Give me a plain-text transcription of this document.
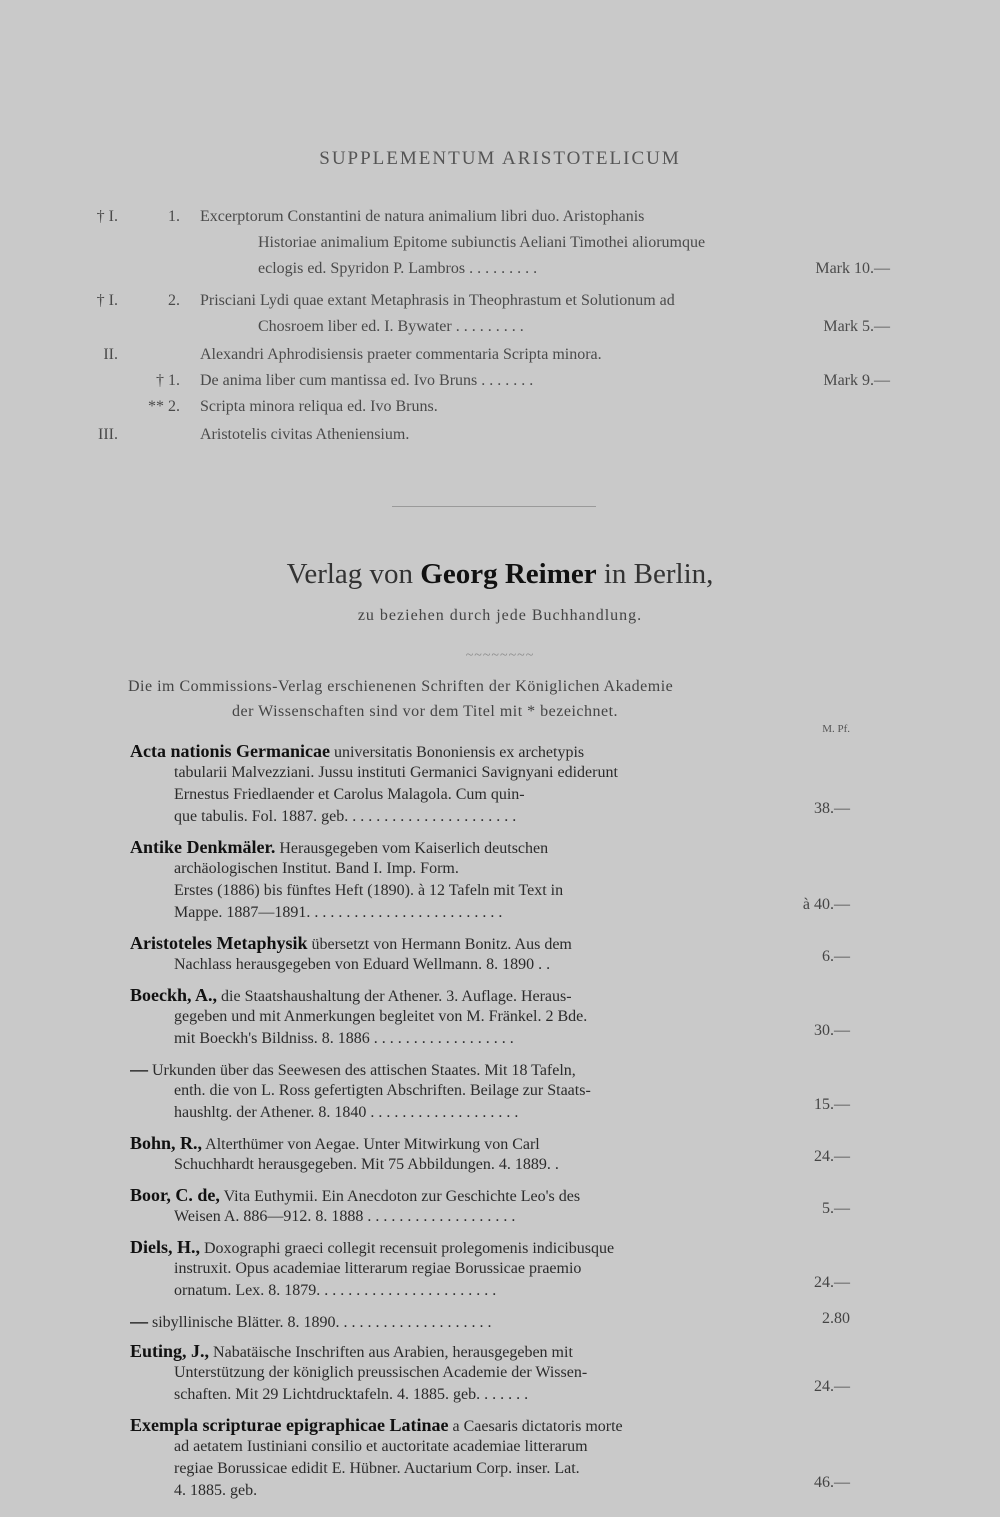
SUPPLEMENTUM ARISTOTELICUM
† I.	1. Excerptorum Constantini de natura animalium libri duo. Aristophanis
Historiae animalium Epitome subiunctis Aeliani Timothei aliorumque
eclogis ed. Spyridon P. Lambros . . . . . . . . .	Mark 10.—
† I.	2. Prisciani Lydi quae extant Metaphrasis in Theophrastum et Solutionum ad
Chosroem liber ed. I. Bywater . . . . . . . . .	Mark 5.—
II.	Alexandri Aphrodisiensis praeter commentaria Scripta minora.
† 1. De anima liber cum mantissa ed. Ivo Bruns . . . . . . .	Mark 9.—
** 2. Scripta minora reliqua ed. Ivo Bruns.
III.	Aristotelis civitas Atheniensium.
Verlag von Georg Reimer in Berlin,
zu beziehen durch jede Buchhandlung.
~~~~~~~~
Die im Commissions-Verlag erschienenen Schriften der Königlichen Akademie
der Wissenschaften sind vor dem Titel mit * bezeichnet.
M. Pf.
Acta nationis Germanicae universitatis Bononiensis ex archetypis
tabularii Malvezziani. Jussu instituti Germanici Savignyani ediderunt
Ernestus Friedlaender et Carolus Malagola. Cum quin-
que tabulis. Fol. 1887. geb. . . . . . . . . . . . . . . . . . . . . .	38.—
Antike Denkmäler. Herausgegeben vom Kaiserlich deutschen
archäologischen Institut. Band I. Imp. Form.
Erstes (1886) bis fünftes Heft (1890). à 12 Tafeln mit Text in
Mappe. 1887—1891. . . . . . . . . . . . . . . . . . . . . . . . .	à 40.—
Aristoteles Metaphysik übersetzt von Hermann Bonitz. Aus dem
Nachlass herausgegeben von Eduard Wellmann. 8. 1890 . .	6.—
Boeckh, A., die Staatshaushaltung der Athener. 3. Auflage. Heraus-
gegeben und mit Anmerkungen begleitet von M. Fränkel. 2 Bde.
mit Boeckh's Bildniss. 8. 1886 . . . . . . . . . . . . . . . . . .	30.—
— Urkunden über das Seewesen des attischen Staates. Mit 18 Tafeln,
enth. die von L. Ross gefertigten Abschriften. Beilage zur Staats-
haushltg. der Athener. 8. 1840 . . . . . . . . . . . . . . . . . . .	15.—
Bohn, R., Alterthümer von Aegae. Unter Mitwirkung von Carl
Schuchhardt herausgegeben. Mit 75 Abbildungen. 4. 1889. .	24.—
Boor, C. de, Vita Euthymii. Ein Anecdoton zur Geschichte Leo's des
Weisen A. 886—912. 8. 1888 . . . . . . . . . . . . . . . . . . .	5.—
Diels, H., Doxographi graeci collegit recensuit prolegomenis indicibusque
instruxit. Opus academiae litterarum regiae Borussicae praemio
ornatum. Lex. 8. 1879. . . . . . . . . . . . . . . . . . . . . . .	24.—
— sibyllinische Blätter. 8. 1890. . . . . . . . . . . . . . . . . . . .	2.80
Euting, J., Nabatäische Inschriften aus Arabien, herausgegeben mit
Unterstützung der königlich preussischen Academie der Wissen-
schaften. Mit 29 Lichtdrucktafeln. 4. 1885. geb. . . . . . .	24.—
Exempla scripturae epigraphicae Latinae a Caesaris dictatoris morte
ad aetatem Iustiniani consilio et auctoritate academiae litterarum
regiae Borussicae edidit E. Hübner. Auctarium Corp. inser. Lat.
4. 1885. geb.	46.—
